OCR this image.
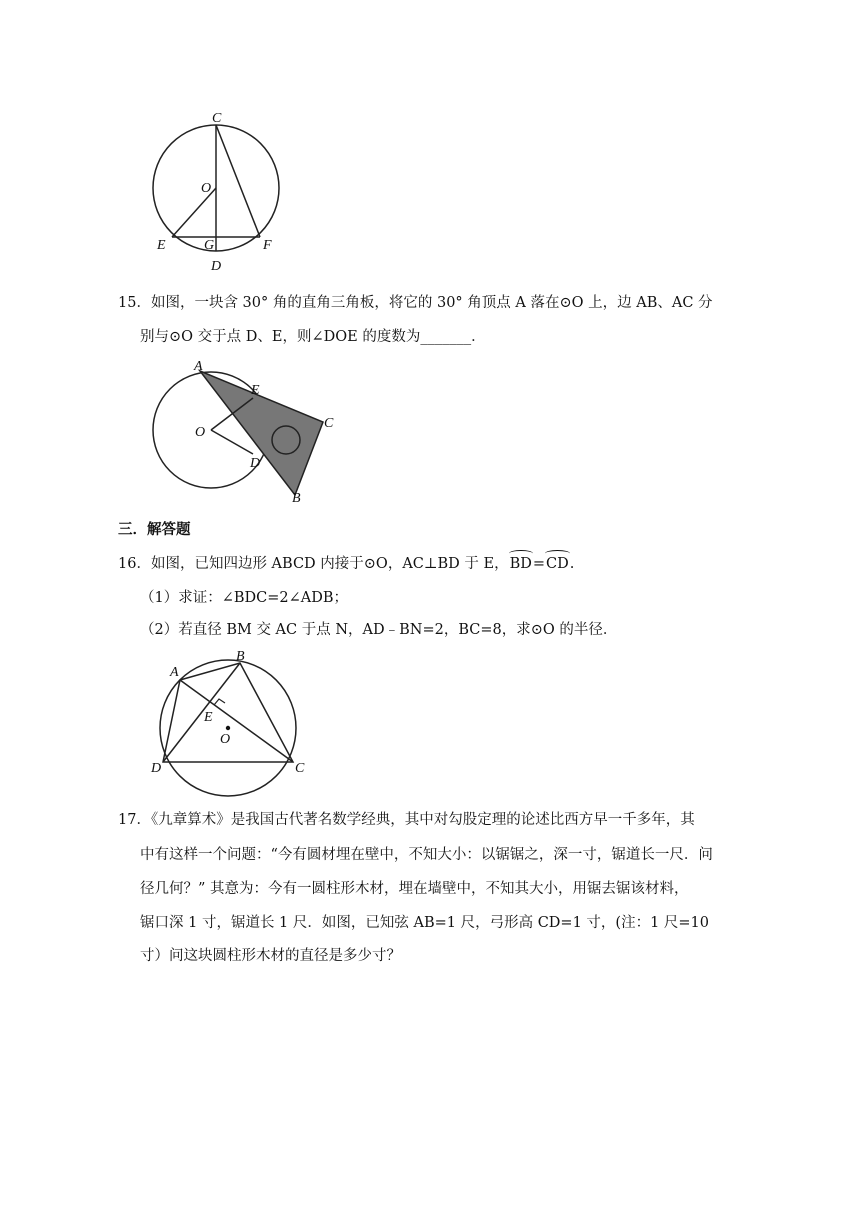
C
O
E	G	F
D
15．如图，一块含 30° 角的直角三角板，将它的 30° 角顶点 A 落在⊙O 上，边 AB、AC 分
别与⊙O 交于点 D、E，则∠DOE 的度数为_______．
A
E
C
O
D
B
三．解答题
16．如图，已知四边形 ABCD 内接于⊙O，AC⊥BD 于 E，BD=CD.
（1）求证：∠BDC=2∠ADB；
（2）若直径 BM 交 AC 于点 N，AD﹣BN=2，BC=8，求⊙O 的半径．
A
B
E
O
D	C
17．《九章算术》是我国古代著名数学经典，其中对勾股定理的论述比西方早一千多年，其
中有这样一个问题：“今有圆材埋在壁中，不知大小：以锯锯之，深一寸，锯道长一尺．问
径几何？” 其意为：今有一圆柱形木材，埋在墙壁中，不知其大小，用锯去锯该材料，
锯口深 1 寸，锯道长 1 尺．如图，已知弦 AB=1 尺，弓形高 CD=1 寸，(注：1 尺=10
寸）问这块圆柱形木材的直径是多少寸？
